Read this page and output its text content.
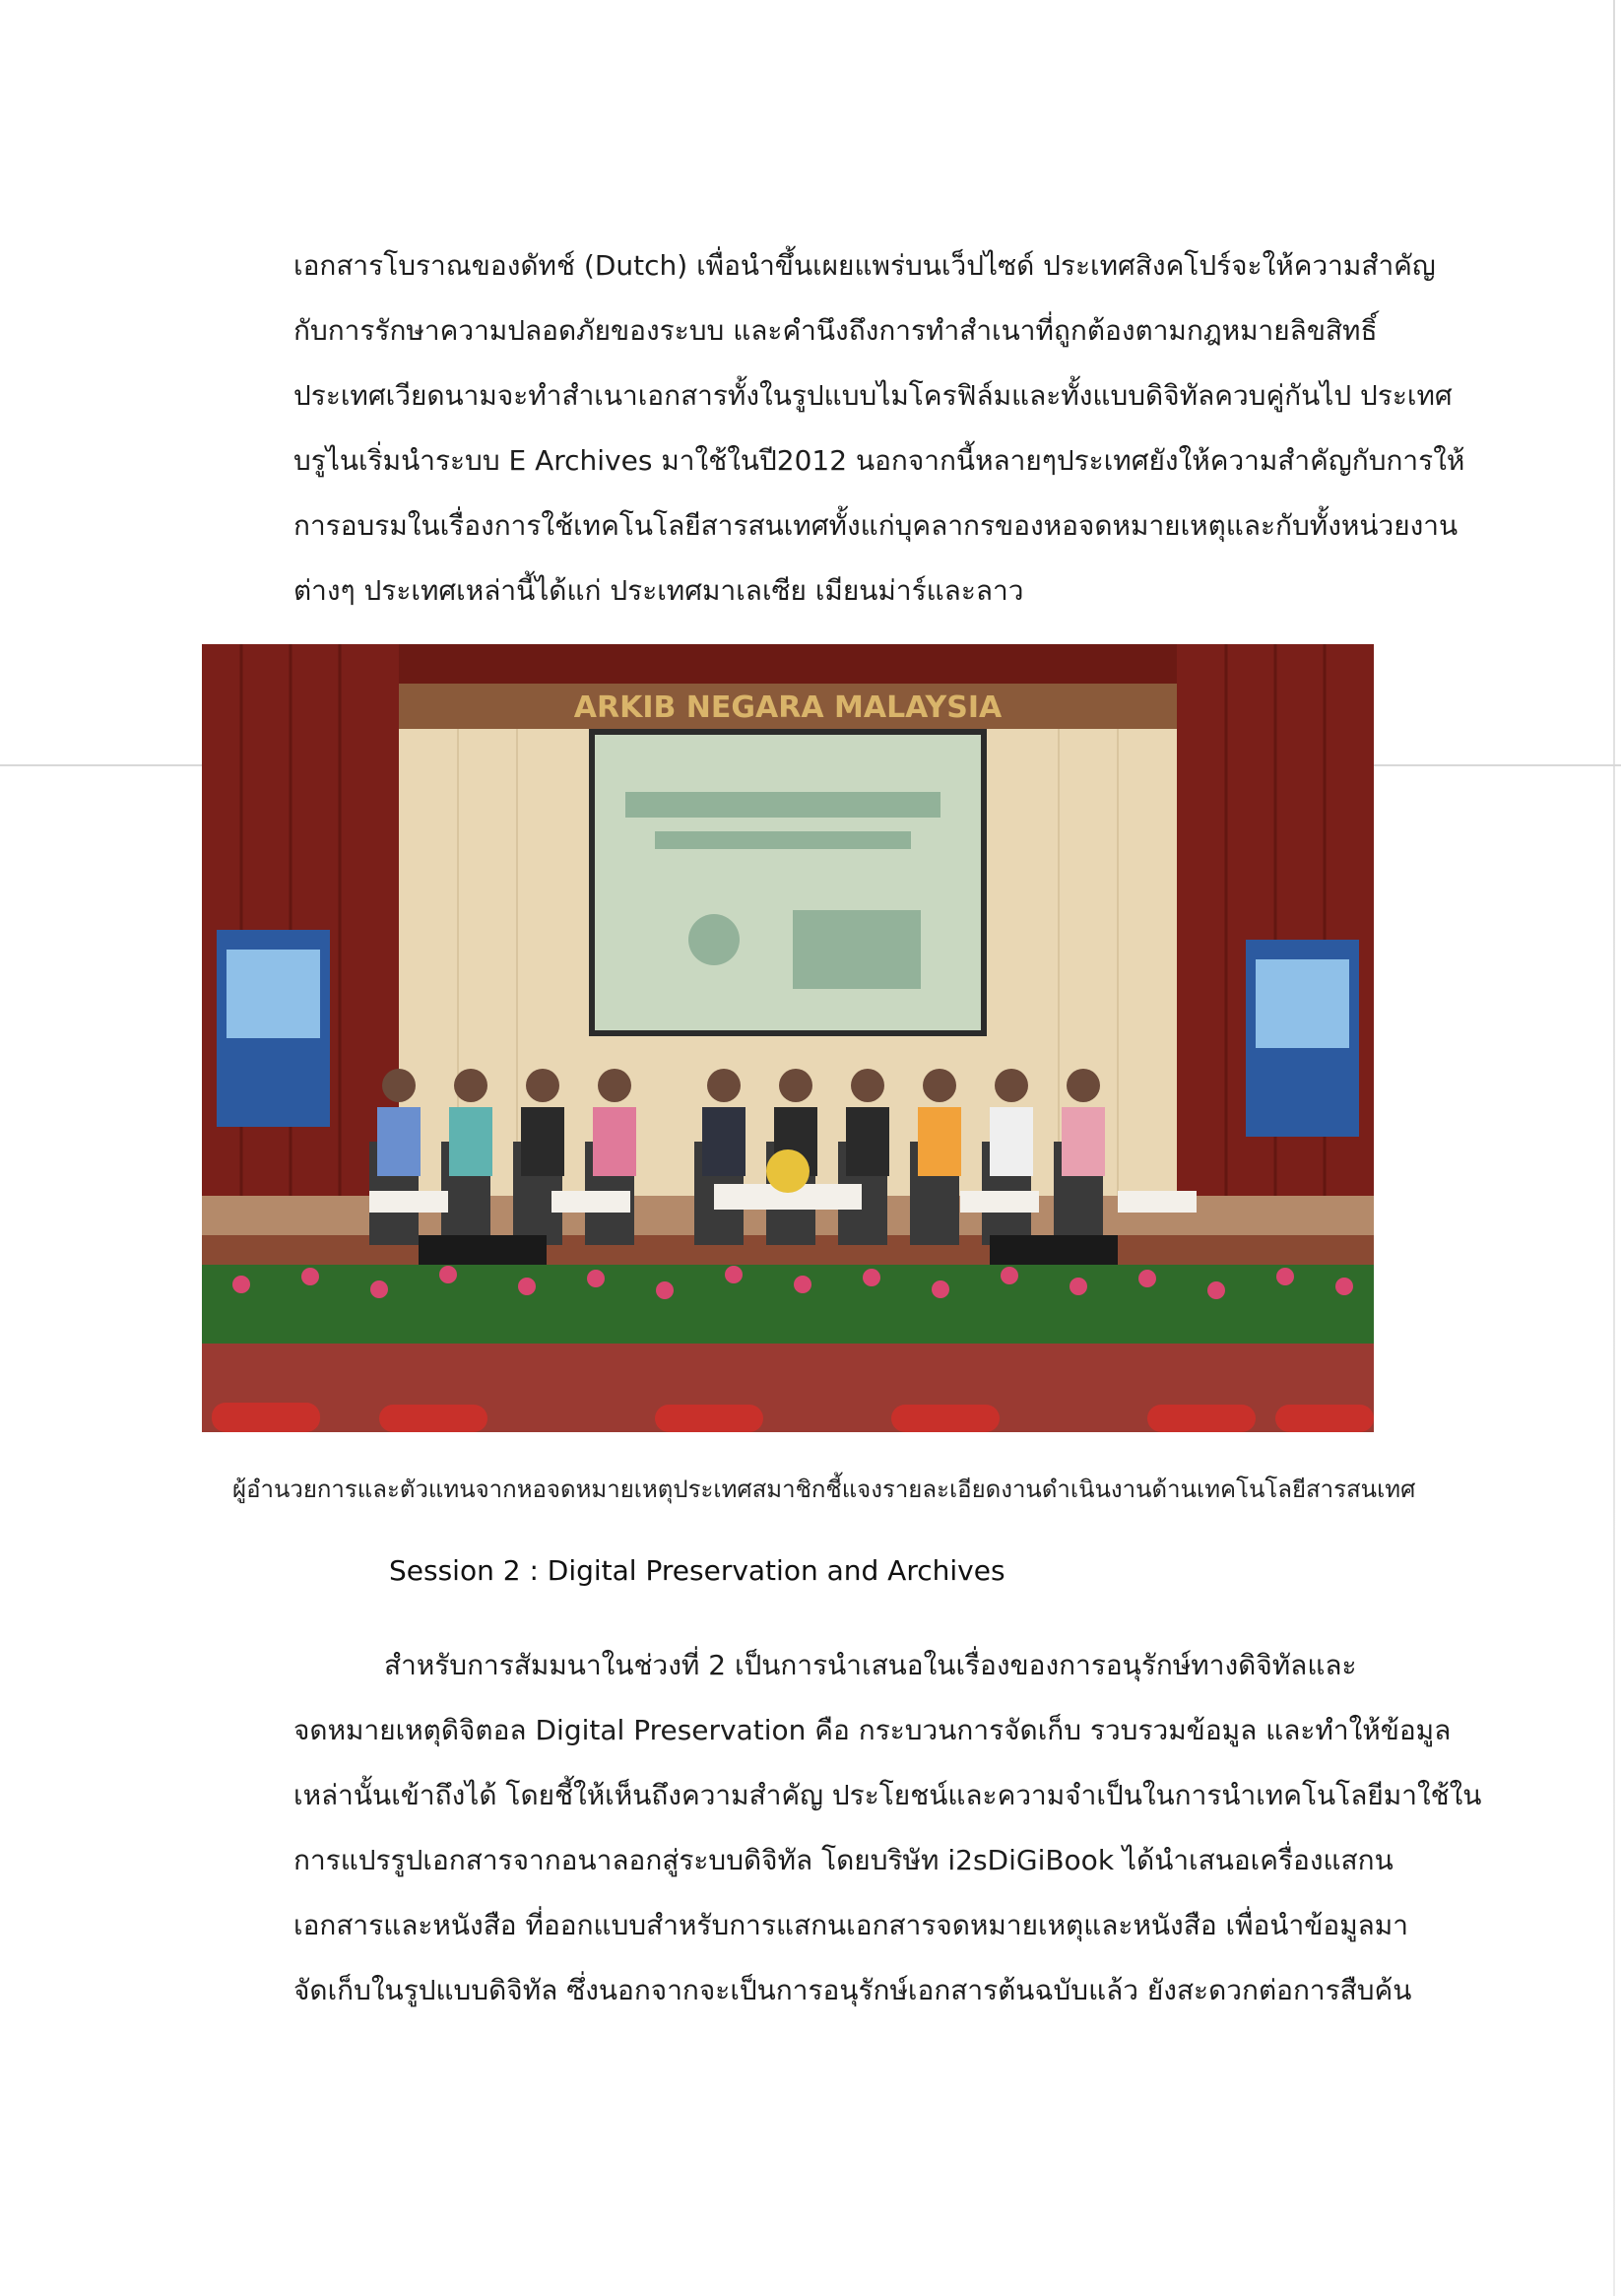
เอกสารโบราณของดัทช์ (Dutch) เพื่อนำขึ้นเผยแพร่บนเว็ปไซด์ ประเทศสิงคโปร์จะให้ความสำคัญ
กับการรักษาความปลอดภัยของระบบ และคำนึงถึงการทำสำเนาที่ถูกต้องตามกฎหมายลิขสิทธิ์
ประเทศเวียดนามจะทำสำเนาเอกสารทั้งในรูปแบบไมโครฟิล์มและทั้งแบบดิจิทัลควบคู่กันไป ประเทศ
บรูไนเริ่มนำระบบ E Archives มาใช้ในปี2012 นอกจากนี้หลายๆประเทศยังให้ความสำคัญกับการให้
การอบรมในเรื่องการใช้เทคโนโลยีสารสนเทศทั้งแก่บุคลากรของหอจดหมายเหตุและกับทั้งหน่วยงาน
ต่างๆ ประเทศเหล่านี้ได้แก่ ประเทศมาเลเซีย เมียนม่าร์และลาว
ARKIB NEGARA MALAYSIA
ผู้อำนวยการและตัวแทนจากหอจดหมายเหตุประเทศสมาชิกชี้แจงรายละเอียดงานดำเนินงานด้านเทคโนโลยีสารสนเทศ
Session 2 : Digital Preservation and Archives
สำหรับการสัมมนาในช่วงที่ 2 เป็นการนำเสนอในเรื่องของการอนุรักษ์ทางดิจิทัลและ
จดหมายเหตุดิจิตอล Digital Preservation คือ กระบวนการจัดเก็บ รวบรวมข้อมูล และทำให้ข้อมูล
เหล่านั้นเข้าถึงได้ โดยชี้ให้เห็นถึงความสำคัญ ประโยชน์และความจำเป็นในการนำเทคโนโลยีมาใช้ใน
การแปรรูปเอกสารจากอนาลอกสู่ระบบดิจิทัล โดยบริษัท i2sDiGiBook ได้นำเสนอเครื่องแสกน
เอกสารและหนังสือ ที่ออกแบบสำหรับการแสกนเอกสารจดหมายเหตุและหนังสือ เพื่อนำข้อมูลมา
จัดเก็บในรูปแบบดิจิทัล ซึ่งนอกจากจะเป็นการอนุรักษ์เอกสารต้นฉบับแล้ว ยังสะดวกต่อการสืบค้น
